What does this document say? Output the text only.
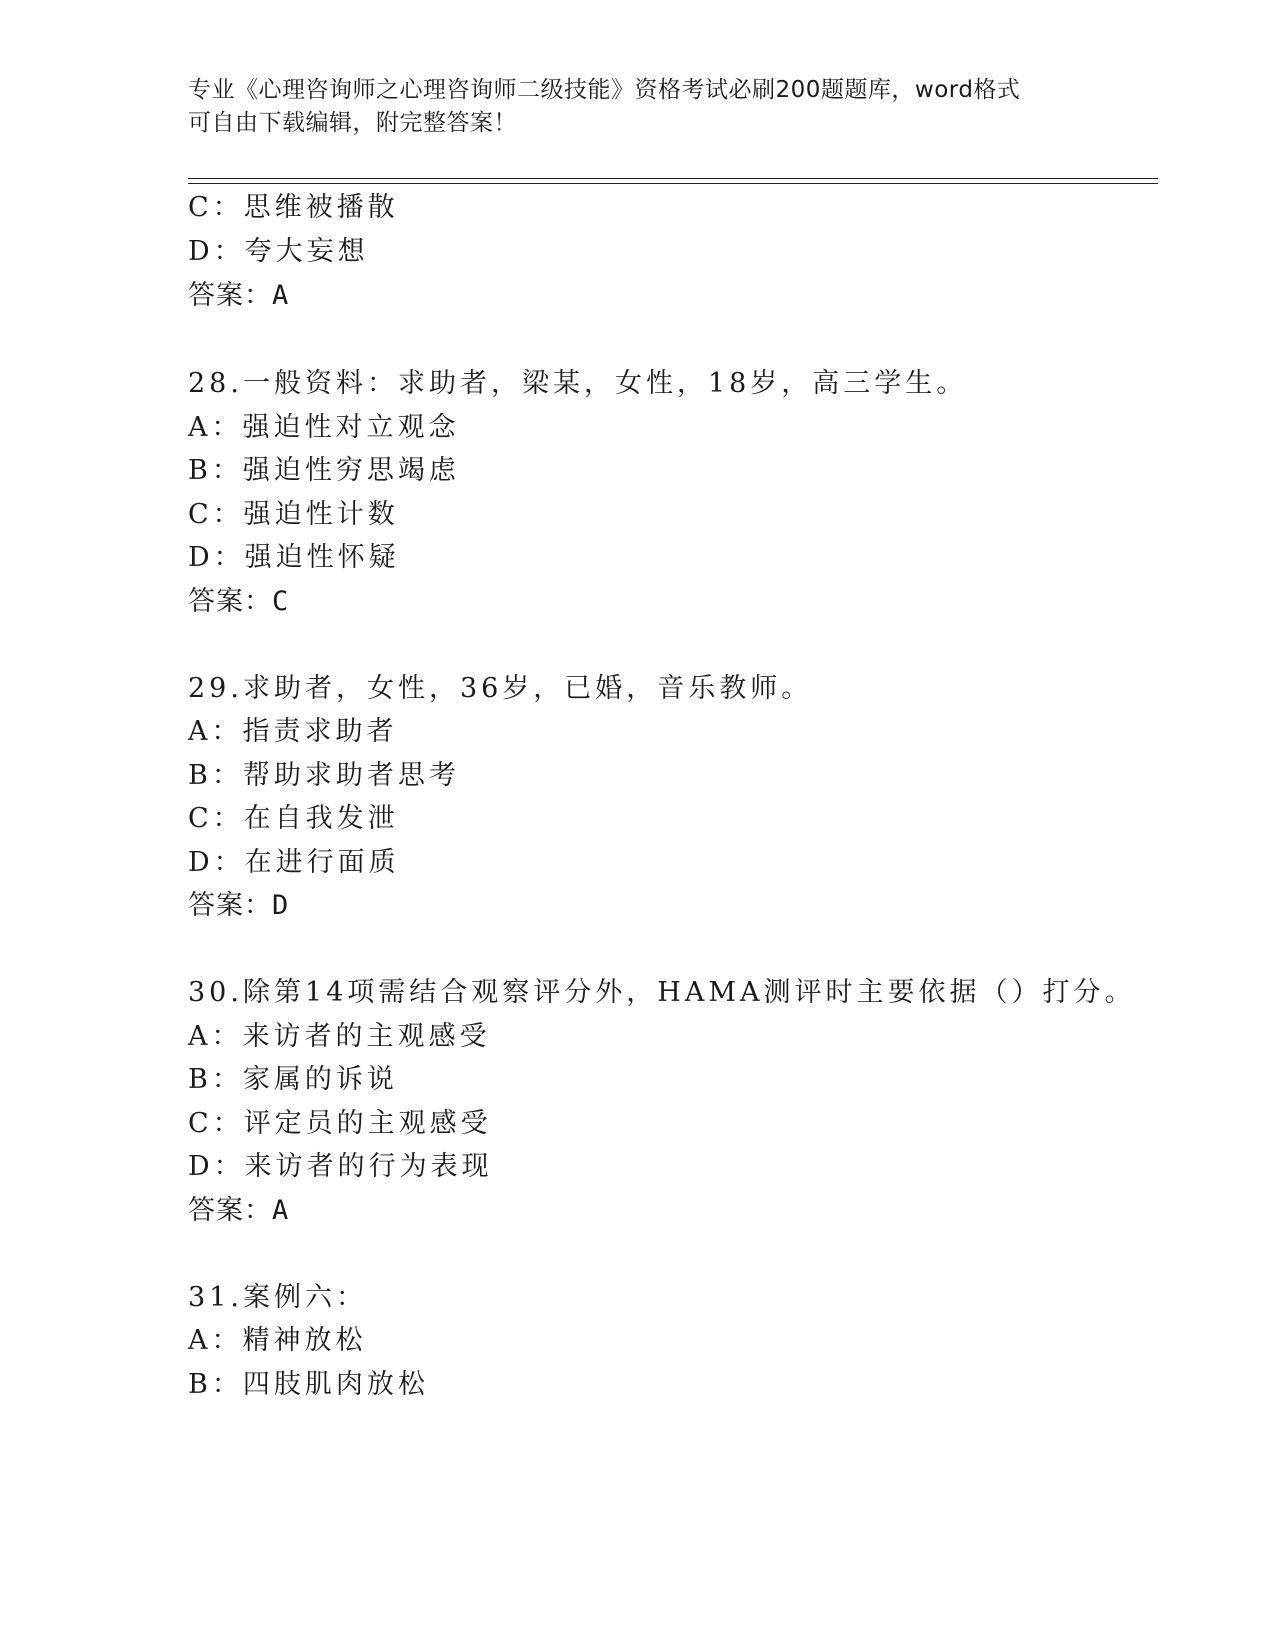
专业《心理咨询师之心理咨询师二级技能》资格考试必刷200题题库，word格式
可自由下载编辑，附完整答案！
C：思维被播散
D：夸大妄想
答案：A
28.一般资料：求助者，梁某，女性，18岁，高三学生。
A：强迫性对立观念
B：强迫性穷思竭虑
C：强迫性计数
D：强迫性怀疑
答案：C
29.求助者，女性，36岁，已婚，音乐教师。
A：指责求助者
B：帮助求助者思考
C：在自我发泄
D：在进行面质
答案：D
30.除第14项需结合观察评分外，HAMA测评时主要依据（）打分。
A：来访者的主观感受
B：家属的诉说
C：评定员的主观感受
D：来访者的行为表现
答案：A
31.案例六：
A：精神放松
B：四肢肌肉放松
